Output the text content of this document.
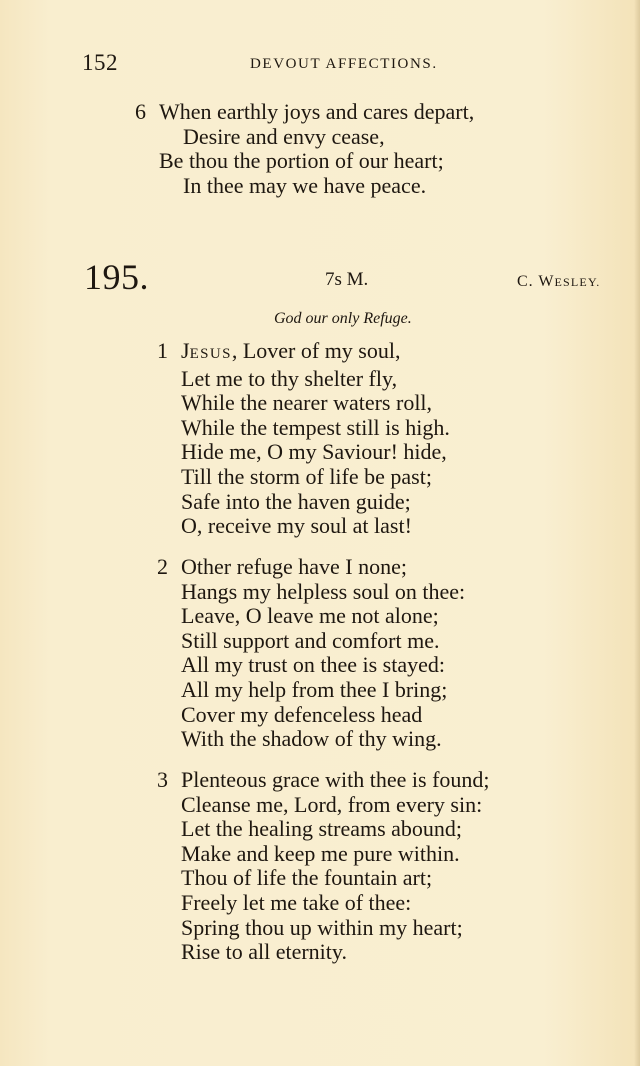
152	DEVOUT AFFECTIONS.
6 When earthly joys and cares depart,
Desire and envy cease,
Be thou the portion of our heart;
In thee may we have peace.
195.	7s M.	C. WESLEY.
God our only Refuge.
1 JESUS, Lover of my soul,
Let me to thy shelter fly,
While the nearer waters roll,
While the tempest still is high.
Hide me, O my Saviour! hide,
Till the storm of life be past;
Safe into the haven guide;
O, receive my soul at last!
2 Other refuge have I none;
Hangs my helpless soul on thee:
Leave, O leave me not alone;
Still support and comfort me.
All my trust on thee is stayed:
All my help from thee I bring;
Cover my defenceless head
With the shadow of thy wing.
3 Plenteous grace with thee is found;
Cleanse me, Lord, from every sin:
Let the healing streams abound;
Make and keep me pure within.
Thou of life the fountain art;
Freely let me take of thee:
Spring thou up within my heart;
Rise to all eternity.
